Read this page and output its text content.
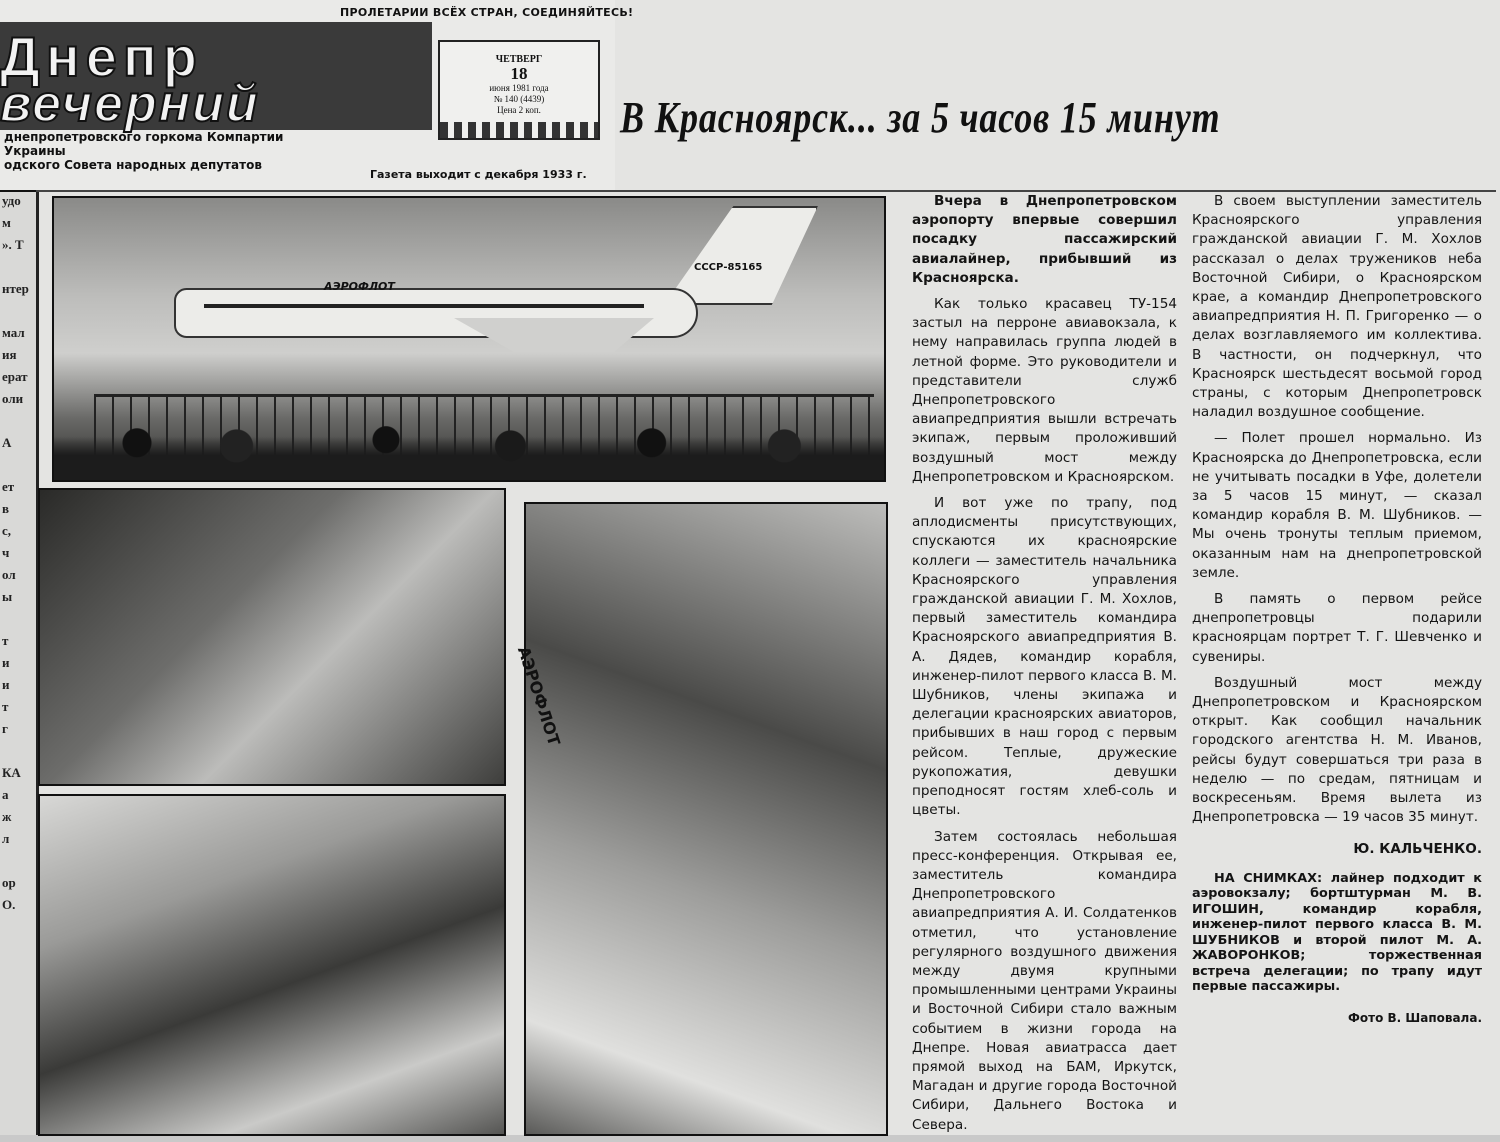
удо
м
». Т

нтер

мал
ия
ерат
оли

А

ет
в
с,
ч
ол
ы

т
и
и
т
г

КА
а
ж
л

ор
О.
ПРОЛЕТАРИИ ВСЁХ СТРАН, СОЕДИНЯЙТЕСЬ!
Днепр
вечерний
ЧЕТВЕРГ
18
июня 1981 года
№ 140 (4439)
Цена 2 коп.
днепропетровского горкома Компартии Украины
одского Совета народных депутатов
Газета выходит с декабря 1933 г.
В Красноярск... за 5 часов 15 минут
АЭРОФЛОТ
СССР-85165
АЭРОФЛОТ

Вчера в Днепропетровском аэропорту впервые совершил посадку пассажирский авиалайнер, прибывший из Красноярска.

Как только красавец ТУ-154 застыл на перроне авиавокзала, к нему направилась группа людей в летной форме. Это руководители и представители служб Днепропетровского авиапредприятия вышли встречать экипаж, первым проложивший воздушный мост между Днепропетровском и Красноярском.

И вот уже по трапу, под аплодисменты присутствующих, спускаются их красноярские коллеги — заместитель начальника Красноярского управления гражданской авиации Г. М. Хохлов, первый заместитель командира Красноярского авиапредприятия В. А. Дядев, командир корабля, инженер-пилот первого класса В. М. Шубников, члены экипажа и делегации красноярских авиаторов, прибывших в наш город с первым рейсом. Теплые, дружеские рукопожатия, девушки преподносят гостям хлеб-соль и цветы.

Затем состоялась небольшая пресс-конференция. Открывая ее, заместитель командира Днепропетровского авиапредприятия А. И. Солдатенков отметил, что установление регулярного воздушного движения между двумя крупными промышленными центрами Украины и Восточной Сибири стало важным событием в жизни города на Днепре. Новая авиатрасса дает прямой выход на БАМ, Иркутск, Магадан и другие города Восточной Сибири, Дальнего Востока и Севера.

В своем выступлении заместитель Красноярского управления гражданской авиации Г. М. Хохлов рассказал о делах тружеников неба Восточной Сибири, о Красноярском крае, а командир Днепропетровского авиапредприятия Н. П. Григоренко — о делах возглавляемого им коллектива. В частности, он подчеркнул, что Красноярск шестьдесят восьмой город страны, с которым Днепропетровск наладил воздушное сообщение.

— Полет прошел нормально. Из Красноярска до Днепропетровска, если не учитывать посадки в Уфе, долетели за 5 часов 15 минут, — сказал командир корабля В. М. Шубников. — Мы очень тронуты теплым приемом, оказанным нам на днепропетровской земле.

В память о первом рейсе днепропетровцы подарили красноярцам портрет Т. Г. Шевченко и сувениры.

Воздушный мост между Днепропетровском и Красноярском открыт. Как сообщил начальник городского агентства Н. М. Иванов, рейсы будут совершаться три раза в неделю — по средам, пятницам и воскресеньям. Время вылета из Днепропетровска — 19 часов 35 минут.

Ю. КАЛЬЧЕНКО.

НА СНИМКАХ: лайнер подходит к аэровокзалу; бортштурман М. В. ИГОШИН, командир корабля, инженер-пилот первого класса В. М. ШУБНИКОВ и второй пилот М. А. ЖАВОРОНКОВ; торжественная встреча делегации; по трапу идут первые пассажиры.

Фото В. Шаповала.
